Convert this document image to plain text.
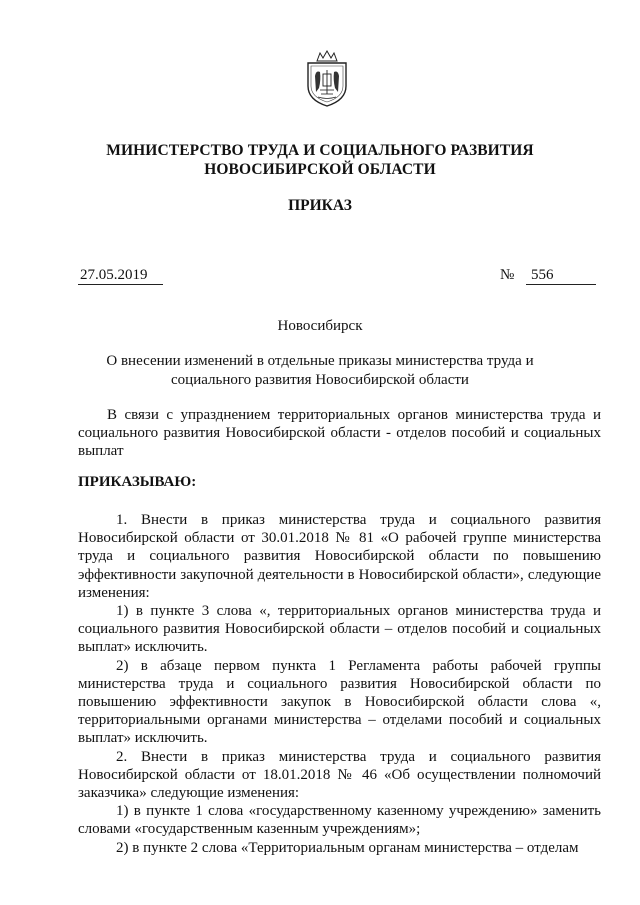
МИНИСТЕРСТВО ТРУДА И СОЦИАЛЬНОГО РАЗВИТИЯ
НОВОСИБИРСКОЙ ОБЛАСТИ
ПРИКАЗ
27.05.2019	№	556
Новосибирск
О внесении изменений в отдельные приказы министерства труда и
социального развития Новосибирской области
В связи с упразднением территориальных органов министерства труда и социального развития Новосибирской области - отделов пособий и социальных выплат
ПРИКАЗЫВАЮ:

1. Внести в приказ министерства труда и социального развития Новосибирской области от 30.01.2018 № 81 «О рабочей группе министерства труда и социального развития Новосибирской области по повышению эффективности закупочной деятельности в Новосибирской области», следующие изменения:

1) в пункте 3 слова «, территориальных органов министерства труда и социального развития Новосибирской области – отделов пособий и социальных выплат» исключить.

2) в абзаце первом пункта 1 Регламента работы рабочей группы министерства труда и социального развития Новосибирской области по повышению эффективности закупок в Новосибирской области слова «, территориальными органами министерства – отделами пособий и социальных выплат» исключить.

2. Внести в приказ министерства труда и социального развития Новосибирской области от 18.01.2018 № 46 «Об осуществлении полномочий заказчика» следующие изменения:

1) в пункте 1 слова «государственному казенному учреждению» заменить словами «государственным казенным учреждениям»;

2) в пункте 2 слова «Территориальным органам министерства – отделам
